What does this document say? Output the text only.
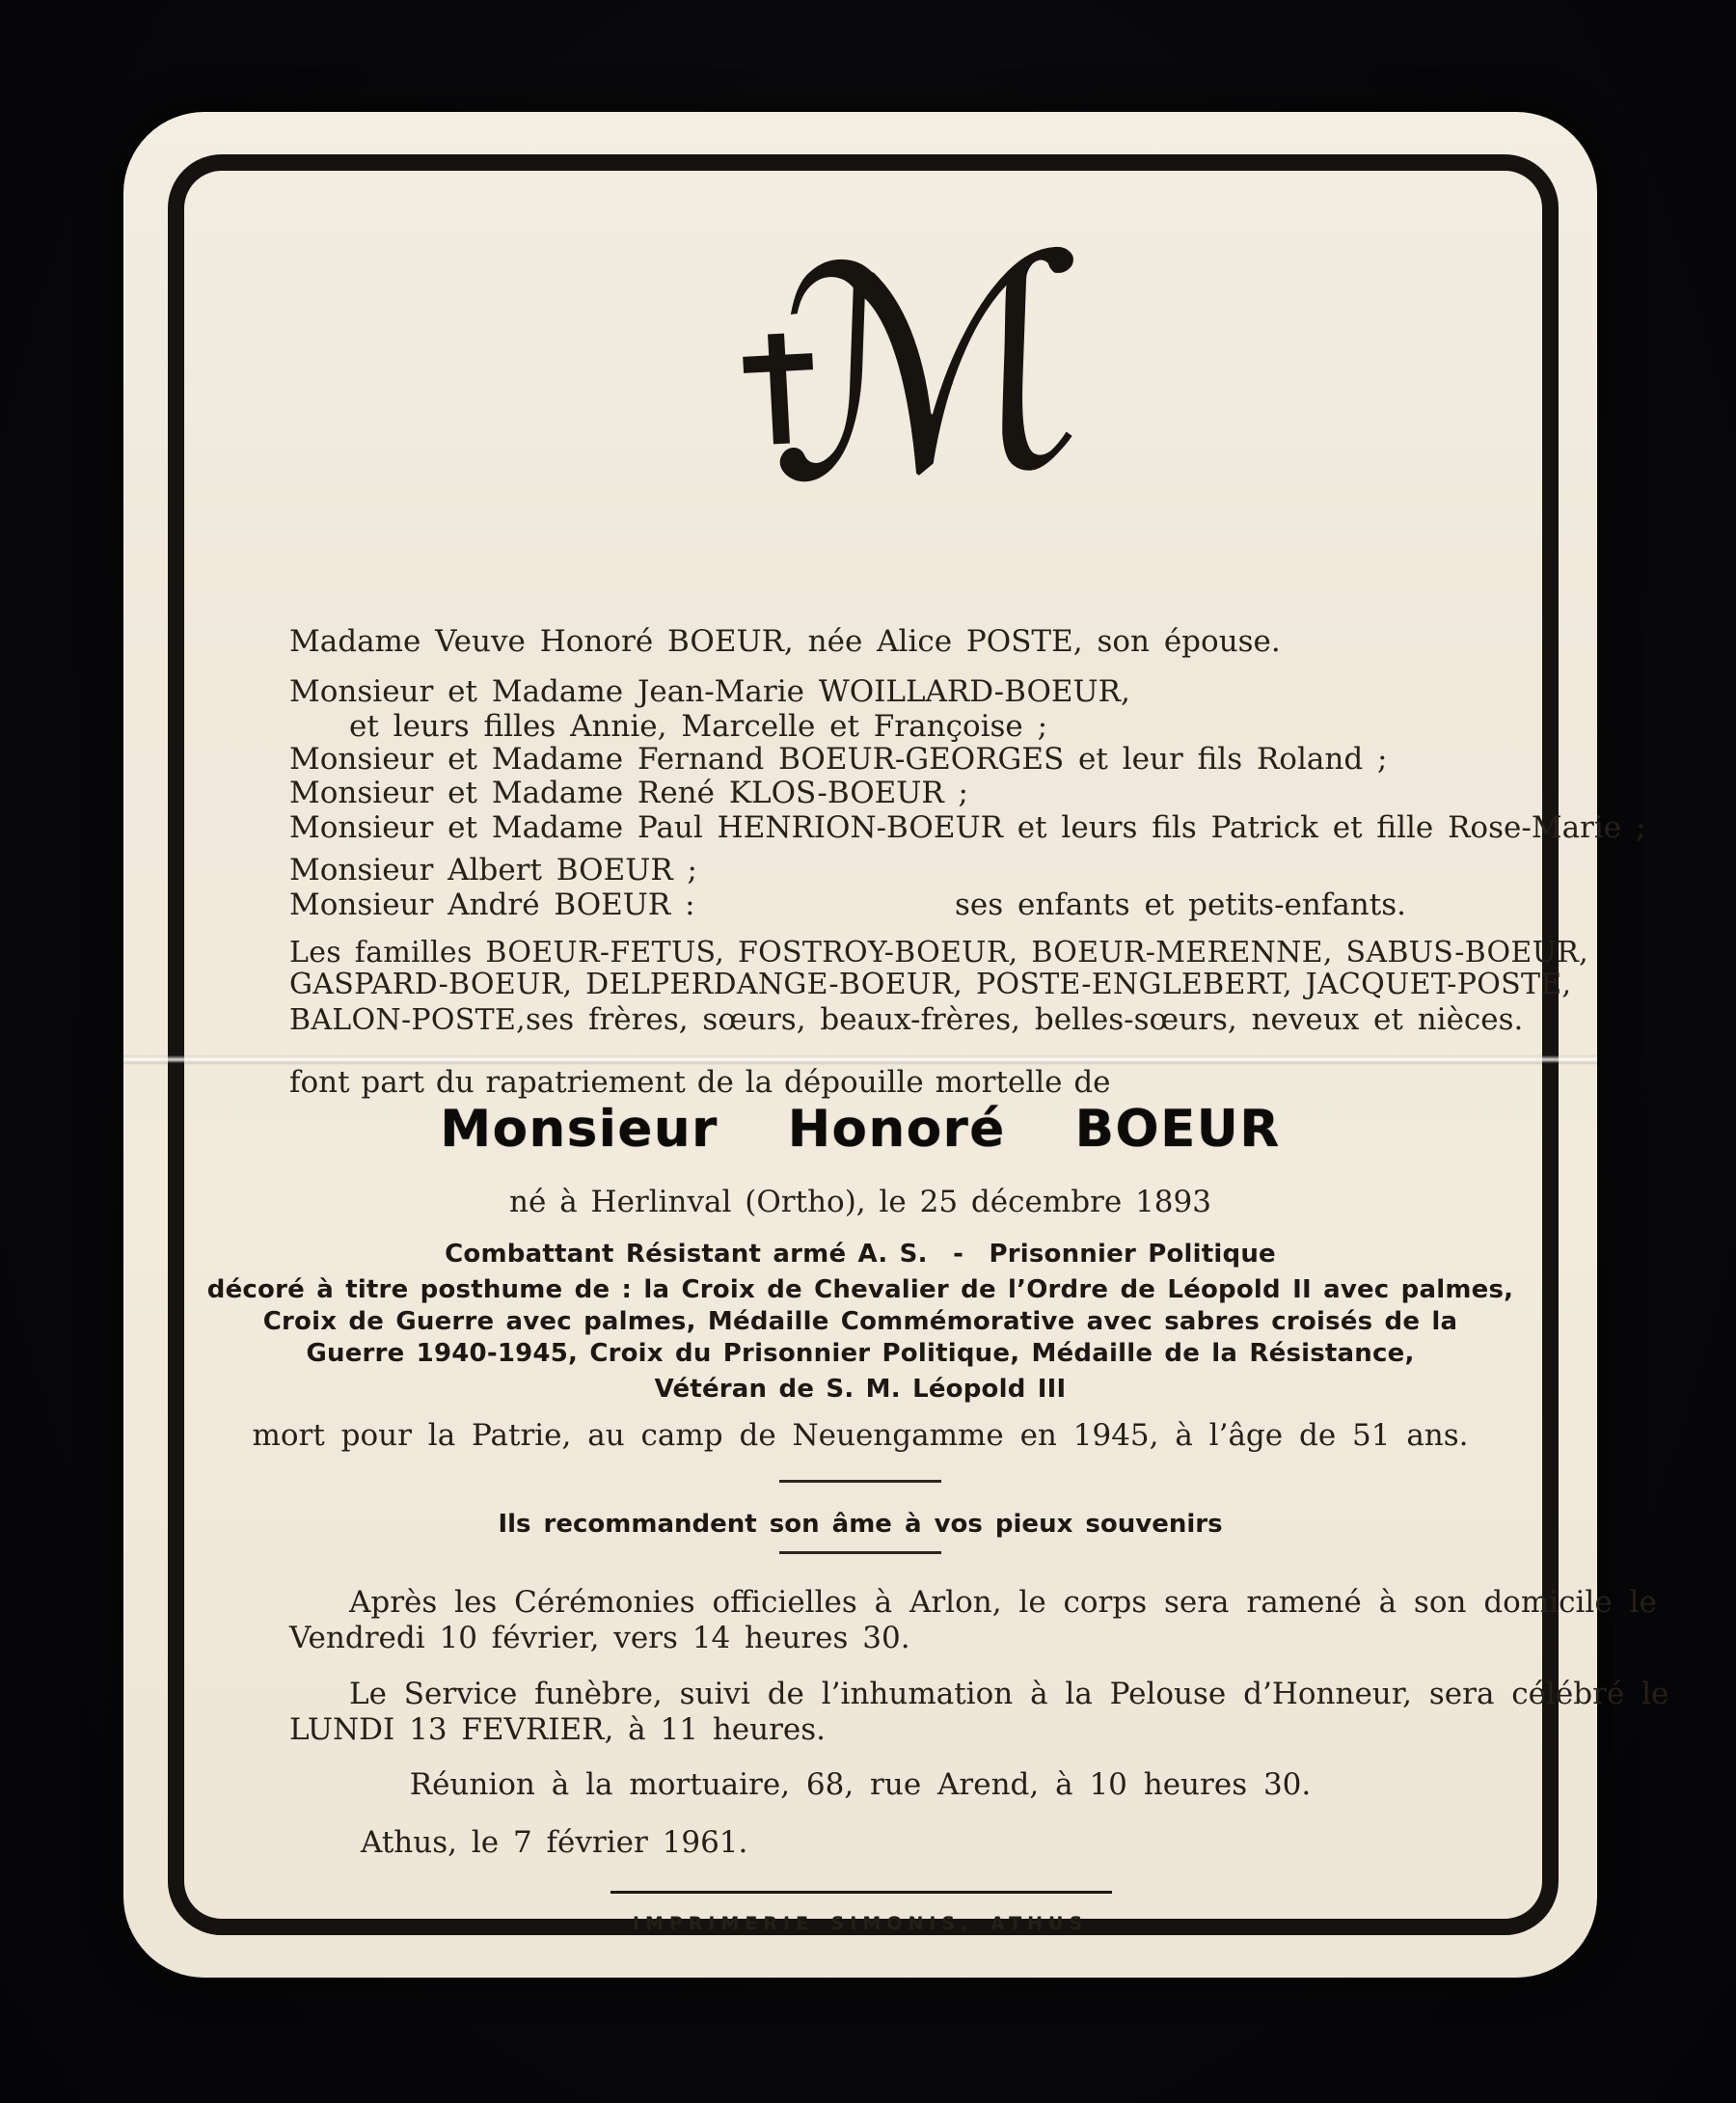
ℳ
Madame Veuve Honoré BOEUR, née Alice POSTE, son épouse.
Monsieur et Madame Jean-Marie WOILLARD-BOEUR,
et leurs filles Annie, Marcelle et Françoise ;
Monsieur et Madame Fernand BOEUR-GEORGES et leur fils Roland ;
Monsieur et Madame René KLOS-BOEUR ;
Monsieur et Madame Paul HENRION-BOEUR et leurs fils Patrick et fille Rose-Marie ;
Monsieur Albert BOEUR ;
Monsieur André BOEUR :	ses enfants et petits-enfants.
Les familles BOEUR-FETUS, FOSTROY-BOEUR, BOEUR-MERENNE, SABUS-BOEUR,
GASPARD-BOEUR, DELPERDANGE-BOEUR, POSTE-ENGLEBERT, JACQUET-POSTE,
BALON-POSTE, ses frères, sœurs, beaux-frères, belles-sœurs, neveux et nièces.
font part du rapatriement de la dépouille mortelle de
Monsieur Honoré BOEUR
né à Herlinval (Ortho), le 25 décembre 1893
Combattant Résistant armé A. S.  -  Prisonnier Politique
décoré à titre posthume de : la Croix de Chevalier de l’Ordre de Léopold II avec palmes,
Croix de Guerre avec palmes, Médaille Commémorative avec sabres croisés de la
Guerre 1940-1945, Croix du Prisonnier Politique, Médaille de la Résistance,
Vétéran de S. M. Léopold III
mort pour la Patrie, au camp de Neuengamme en 1945, à l’âge de 51 ans.
Ils recommandent son âme à vos pieux souvenirs
Après les Cérémonies officielles à Arlon, le corps sera ramené à son domicile le
Vendredi 10 février, vers 14 heures 30.
Le Service funèbre, suivi de l’inhumation à la Pelouse d’Honneur, sera célébré le
LUNDI 13 FEVRIER, à 11 heures.
Réunion à la mortuaire, 68, rue Arend, à 10 heures 30.
Athus, le 7 février 1961.
IMPRIMERIE SIMONIS, ATHUS
